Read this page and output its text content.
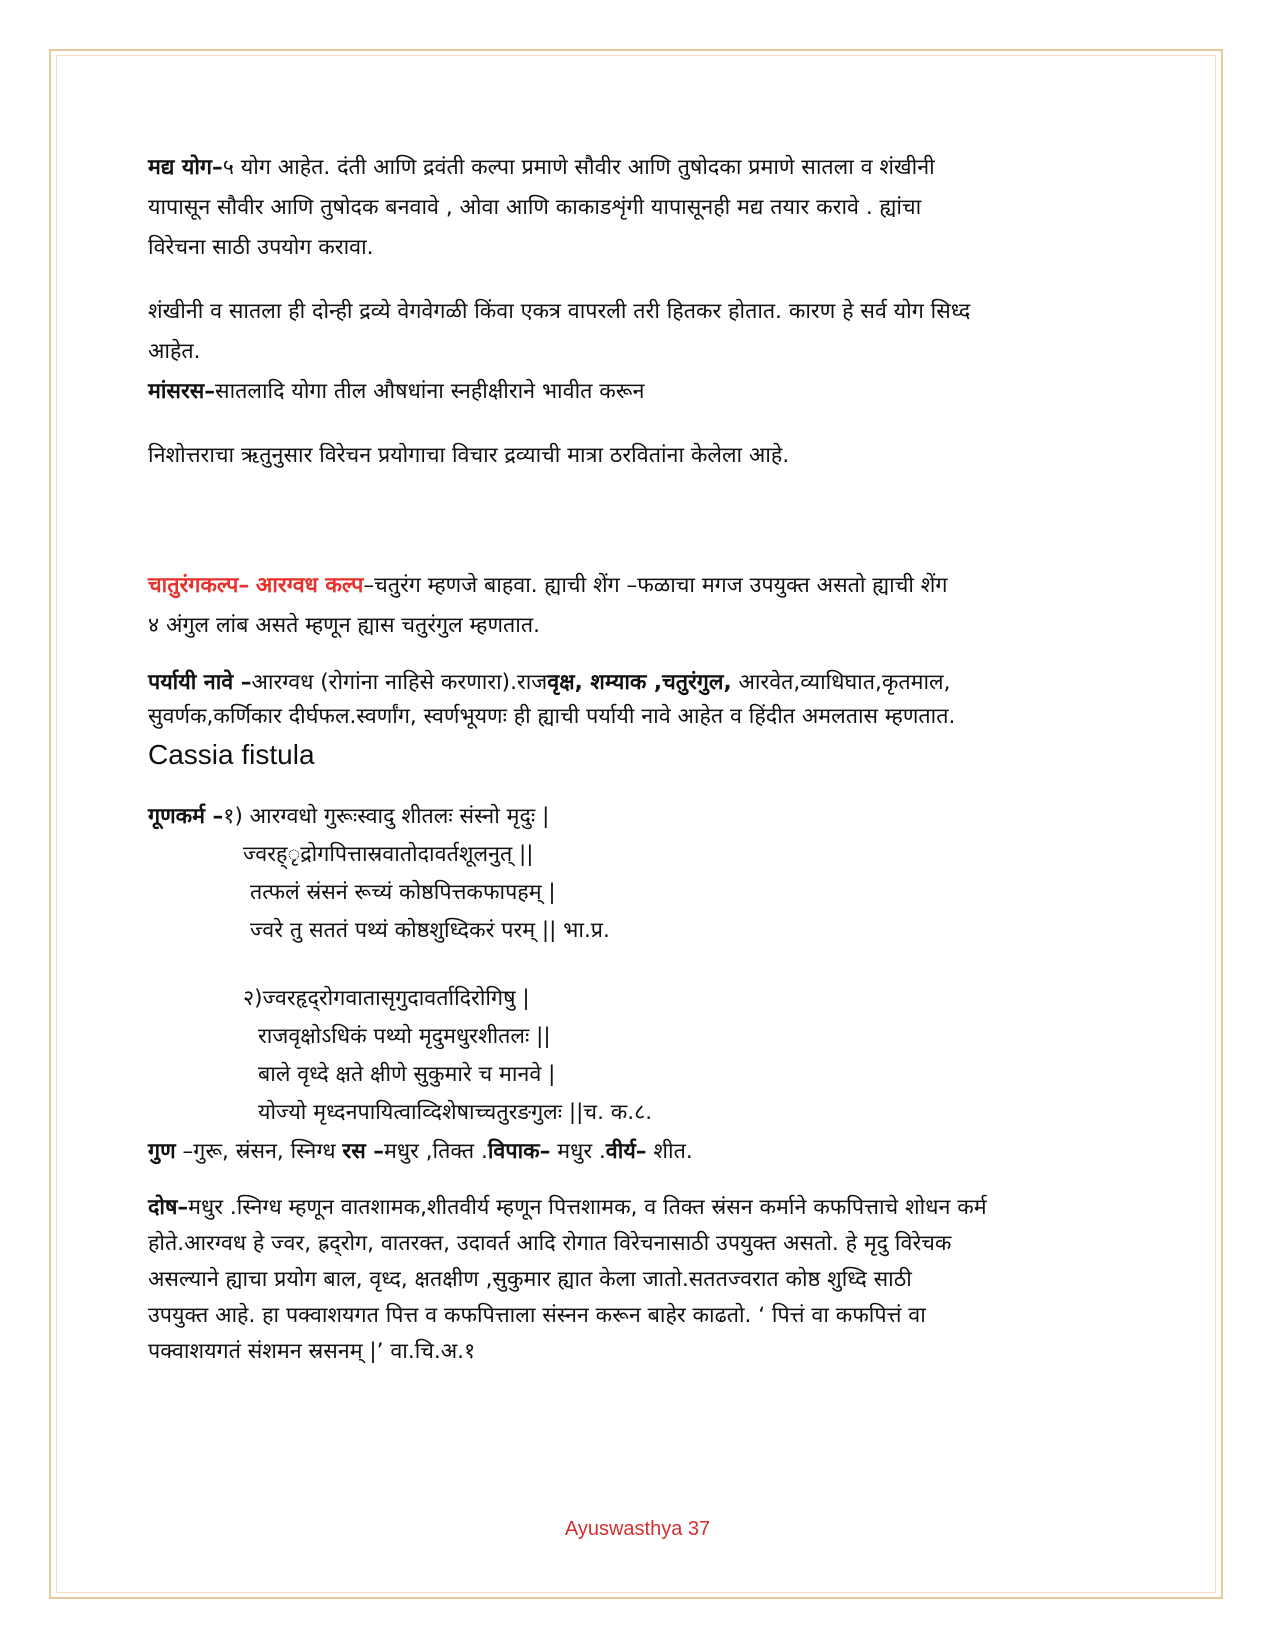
मद्य योग–५ योग आहेत. दंती आणि द्रवंती कल्पा प्रमाणे सौवीर आणि तुषोदका प्रमाणे सातला व शंखीनी

यापासून सौवीर आणि तुषोदक बनवावे , ओवा आणि काकाडशृंगी यापासूनही मद्य तयार करावे . ह्यांचा

विरेचना साठी उपयोग करावा.

शंखीनी व सातला ही दोन्ही द्रव्ये वेगवेगळी किंवा एकत्र वापरली तरी हितकर होतात. कारण हे सर्व योग सिध्द

आहेत.

मांसरस–सातलादि योगा तील औषधांना स्नहीक्षीराने भावीत करून

निशोत्तराचा ऋतुनुसार विरेचन प्रयोगाचा विचार द्रव्याची मात्रा ठरवितांना केलेला आहे.

चातुरंगकल्प– आरग्वध कल्प–चतुरंग म्हणजे बाहवा. ह्याची शेंग –फळाचा मगज उपयुक्त असतो ह्याची शेंग

४ अंगुल लांब असते म्हणून ह्यास चतुरंगुल म्हणतात.

पर्यायी नावे –आरग्वध (रोगांना नाहिसे करणारा).राजवृक्ष, शम्याक ,चतुरंगुल, आरवेत,व्याधिघात,कृतमाल,

सुवर्णक,कर्णिकार दीर्घफल.स्वर्णांग, स्वर्णभूयणः ही ह्याची पर्यायी नावे आहेत व हिंदीत अमलतास म्हणतात.

Cassia fistula

गूणकर्म –१) आरग्वधो गुरूःस्वादु शीतलः संस्नो मृदुः |

ज्वरह्ृद्रोगपित्तास्रवातोदावर्तशूलनुत् ||

तत्फलं स्रंसनं रूच्यं कोष्ठपित्तकफापहम् |

ज्वरे तु सततं पथ्यं कोष्ठशुध्दिकरं परम् || भा.प्र.

२)ज्वरहृद्‍रोगवातासृगुदावर्तादिरोगिषु |

राजवृक्षोऽधिकं पथ्यो मृदुमधुरशीतलः ||

बाले वृध्दे क्षते क्षीणे सुकुमारे च मानवे |

योज्यो मृध्दनपायित्वाव्दिशेषाच्चतुरङगुलः ||च. क.८.

गुण –गुरू, स्रंसन, स्निग्ध रस –मधुर ,तिक्त .विपाक– मधुर .वीर्य– शीत.

दोष–मधुर .स्निग्ध म्हणून वातशामक,शीतवीर्य म्हणून पित्तशामक, व तिक्त स्रंसन कर्माने कफपित्ताचे शोधन कर्म

होते.आरग्वध हे ज्वर, ह्रद्‌रोग, वातरक्त, उदावर्त आदि रोगात विरेचनासाठी उपयुक्त असतो. हे मृदु विरेचक

असल्याने ह्याचा प्रयोग बाल, वृध्द, क्षतक्षीण ,सुकुमार ह्यात केला जातो.सततज्वरात कोष्ठ शुध्दि साठी

उपयुक्त आहे. हा पक्वाशयगत पित्त व कफपित्ताला संस्नन करून बाहेर काढतो. ‘ पित्तं वा कफपित्तं वा

पक्वाशयगतं संशमन स्रसनम् |’ वा.चि.अ.१

Ayuswasthya 37
